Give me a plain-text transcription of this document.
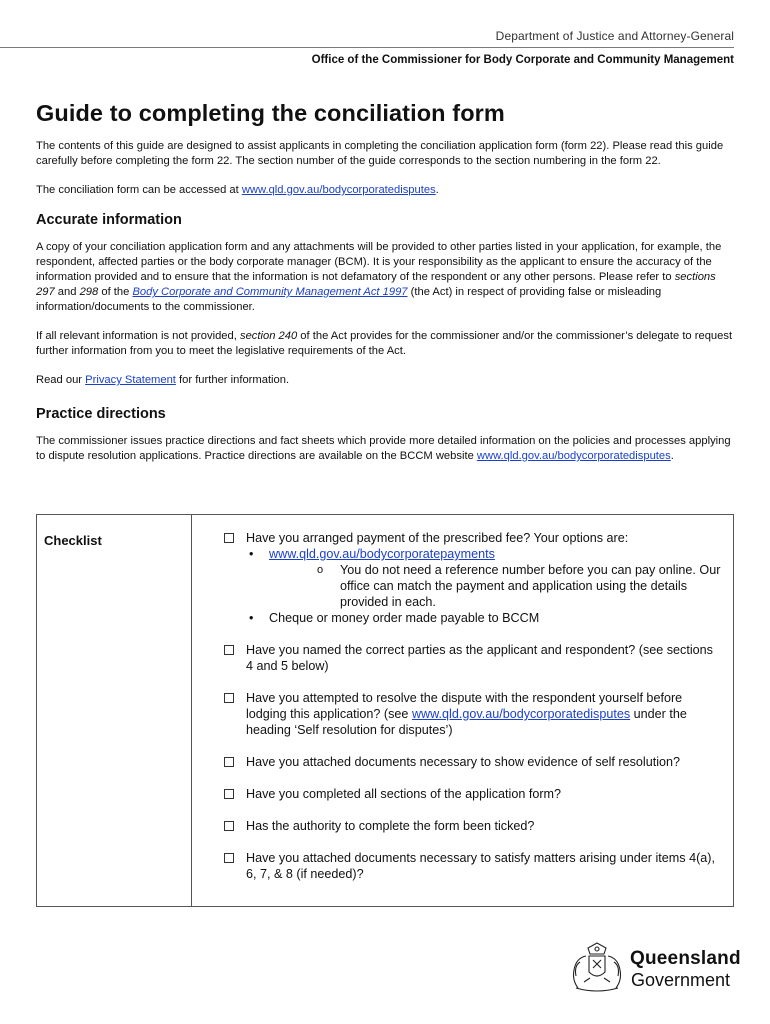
Department of Justice and Attorney-General
Office of the Commissioner for Body Corporate and Community Management
Guide to completing the conciliation form

The contents of this guide are designed to assist applicants in completing the conciliation application form (form 22). Please read this guide carefully before completing the form 22. The section number of the guide corresponds to the section numbering in the form 22.

The conciliation form can be accessed at www.qld.gov.au/bodycorporatedisputes.

Accurate information

A copy of your conciliation application form and any attachments will be provided to other parties listed in your application, for example, the respondent, affected parties or the body corporate manager (BCM). It is your responsibility as the applicant to ensure the accuracy of the information provided and to ensure that the information is not defamatory of the respondent or any other persons. Please refer to sections 297 and 298 of the Body Corporate and Community Management Act 1997 (the Act) in respect of providing false or misleading information/documents to the commissioner.

If all relevant information is not provided, section 240 of the Act provides for the commissioner and/or the commissioner’s delegate to request further information from you to meet the legislative requirements of the Act.

Read our Privacy Statement for further information.

Practice directions

The commissioner issues practice directions and fact sheets which provide more detailed information on the policies and processes applying to dispute resolution applications. Practice directions are available on the BCCM website www.qld.gov.au/bodycorporatedisputes.

Checklist	Have you arranged payment of the prescribed fee? Your options are:
• www.qld.gov.au/bodycorporatepayments
o You do not need a reference number before you can pay online. Our office can match the payment and application using the details provided in each.
• Cheque or money order made payable to BCCM
Have you named the correct parties as the applicant and respondent? (see sections 4 and 5 below)
Have you attempted to resolve the dispute with the respondent yourself before lodging this application? (see www.qld.gov.au/bodycorporatedisputes under the heading ‘Self resolution for disputes’)
Have you attached documents necessary to show evidence of self resolution?
Have you completed all sections of the application form?
Has the authority to complete the form been ticked?
Have you attached documents necessary to satisfy matters arising under items 4(a), 6, 7, & 8 (if needed)?
Queensland
Government
